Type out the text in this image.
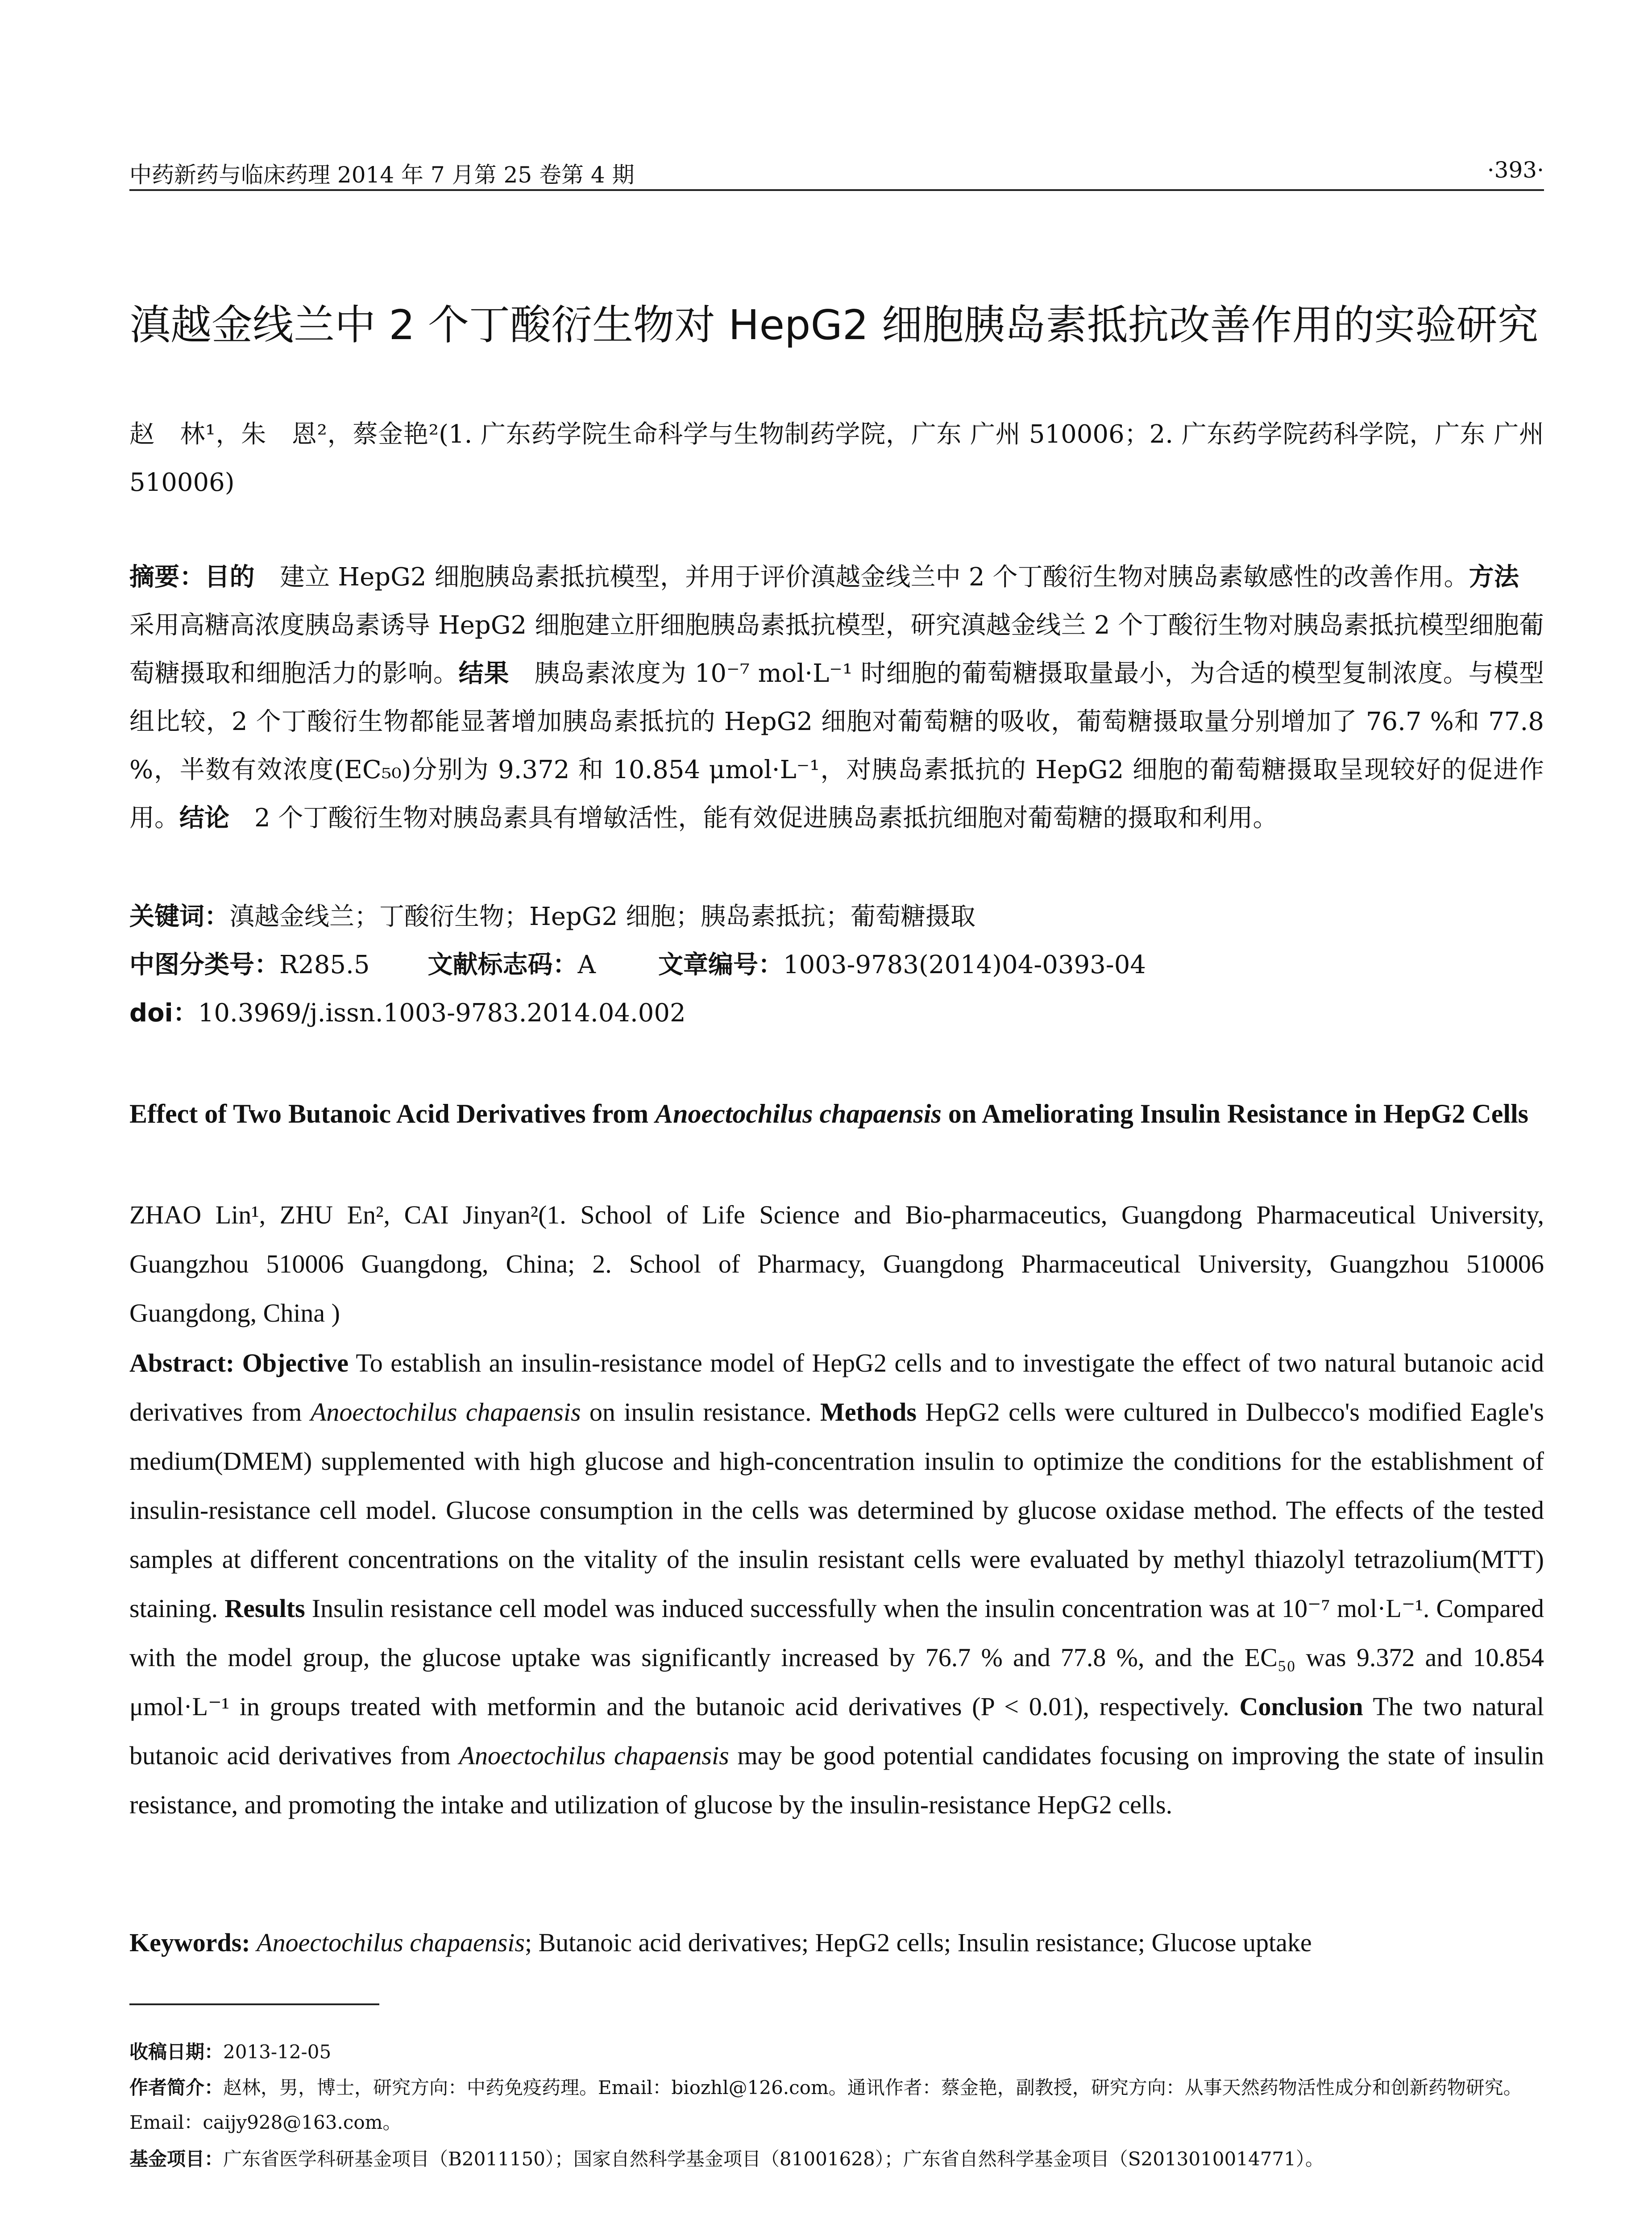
中药新药与临床药理 2014 年 7 月第 25 卷第 4 期	·393·
滇越金线兰中 2 个丁酸衍生物对 HepG2 细胞胰岛素抵抗改善作用的实验研究
赵　林¹，朱　恩²，蔡金艳²(1. 广东药学院生命科学与生物制药学院，广东 广州 510006；2. 广东药学院药科学院，广东 广州 510006)
摘要：目的　建立 HepG2 细胞胰岛素抵抗模型，并用于评价滇越金线兰中 2 个丁酸衍生物对胰岛素敏感性的改善作用。方法　采用高糖高浓度胰岛素诱导 HepG2 细胞建立肝细胞胰岛素抵抗模型，研究滇越金线兰 2 个丁酸衍生物对胰岛素抵抗模型细胞葡萄糖摄取和细胞活力的影响。结果　胰岛素浓度为 10⁻⁷ mol·L⁻¹ 时细胞的葡萄糖摄取量最小，为合适的模型复制浓度。与模型组比较，2 个丁酸衍生物都能显著增加胰岛素抵抗的 HepG2 细胞对葡萄糖的吸收，葡萄糖摄取量分别增加了 76.7 %和 77.8 %，半数有效浓度(EC₅₀)分别为 9.372 和 10.854 μmol·L⁻¹，对胰岛素抵抗的 HepG2 细胞的葡萄糖摄取呈现较好的促进作用。结论　2 个丁酸衍生物对胰岛素具有增敏活性，能有效促进胰岛素抵抗细胞对葡萄糖的摄取和利用。
关键词：滇越金线兰；丁酸衍生物；HepG2 细胞；胰岛素抵抗；葡萄糖摄取
中图分类号：R285.5 文献标志码：A	文章编号：1003-9783(2014)04-0393-04
doi：10.3969/j.issn.1003-9783.2014.04.002
Effect of Two Butanoic Acid Derivatives from Anoectochilus chapaensis on Ameliorating Insulin Resistance in HepG2 Cells
ZHAO Lin¹, ZHU En², CAI Jinyan²(1. School of Life Science and Bio-pharmaceutics, Guangdong Pharmaceutical University, Guangzhou 510006 Guangdong, China; 2. School of Pharmacy, Guangdong Pharmaceutical University, Guangzhou 510006 Guangdong, China )
Abstract: Objective To establish an insulin-resistance model of HepG2 cells and to investigate the effect of two natural butanoic acid derivatives from Anoectochilus chapaensis on insulin resistance. Methods HepG2 cells were cultured in Dulbecco's modified Eagle's medium(DMEM) supplemented with high glucose and high-concentration insulin to optimize the conditions for the establishment of insulin-resistance cell model. Glucose consumption in the cells was determined by glucose oxidase method. The effects of the tested samples at different concentrations on the vitality of the insulin resistant cells were evaluated by methyl thiazolyl tetrazolium(MTT) staining. Results Insulin resistance cell model was induced successfully when the insulin concentration was at 10⁻⁷ mol·L⁻¹. Compared with the model group, the glucose uptake was significantly increased by 76.7 % and 77.8 %, and the EC₅₀ was 9.372 and 10.854 μmol·L⁻¹ in groups treated with metformin and the butanoic acid derivatives (P < 0.01), respectively. Conclusion The two natural butanoic acid derivatives from Anoectochilus chapaensis may be good potential candidates focusing on improving the state of insulin resistance, and promoting the intake and utilization of glucose by the insulin-resistance HepG2 cells.
Keywords: Anoectochilus chapaensis; Butanoic acid derivatives; HepG2 cells; Insulin resistance; Glucose uptake
收稿日期：2013-12-05
作者简介：赵林，男，博士，研究方向：中药免疫药理。Email：biozhl@126.com。通讯作者：蔡金艳，副教授，研究方向：从事天然药物活性成分和创新药物研究。Email：caijy928@163.com。
基金项目：广东省医学科研基金项目（B2011150）；国家自然科学基金项目（81001628）；广东省自然科学基金项目（S2013010014771）。
